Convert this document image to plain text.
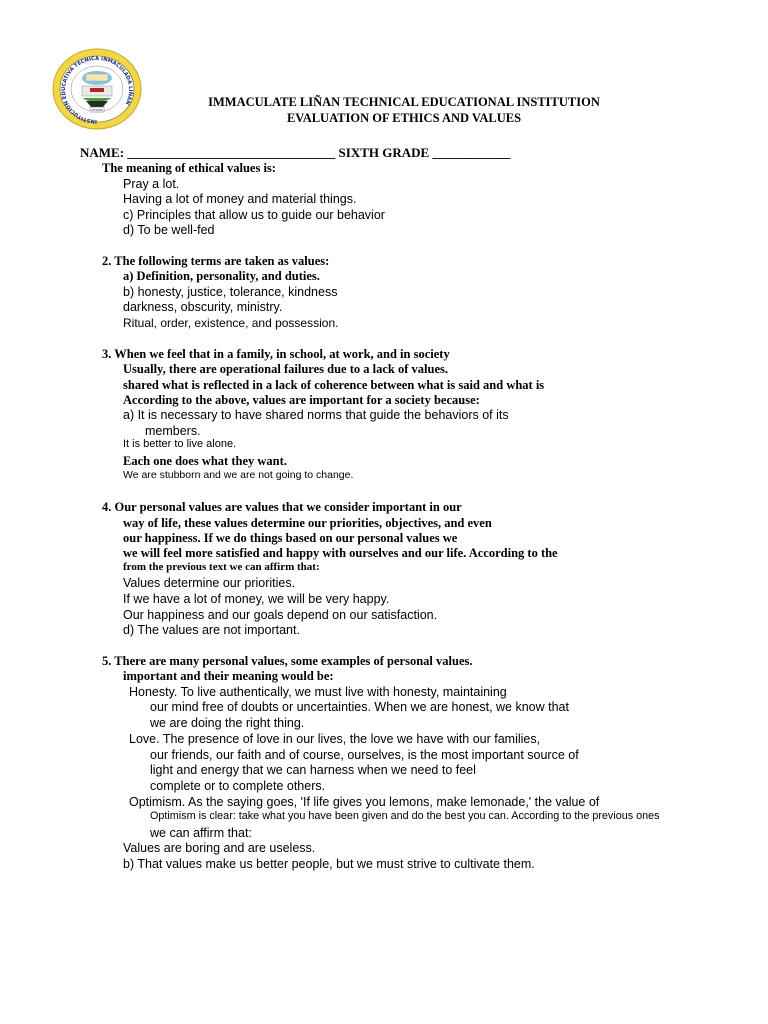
INSTITUCIÓN EDUCATIVA TÉCNICA INMACULADA LIÑAN
Lineas
IMMACULATE LIÑAN TECHNICAL EDUCATIONAL INSTITUTION
EVALUATION OF ETHICS AND VALUES
NAME: ________________________________ SIXTH GRADE ____________
The meaning of ethical values is:
Pray a lot.
Having a lot of money and material things.
c) Principles that allow us to guide our behavior
d) To be well-fed
2. The following terms are taken as values:
a) Definition, personality, and duties.
b) honesty, justice, tolerance, kindness
darkness, obscurity, ministry.
Ritual, order, existence, and possession.
3. When we feel that in a family, in school, at work, and in society
Usually, there are operational failures due to a lack of values.
shared what is reflected in a lack of coherence between what is said and what is
According to the above, values are important for a society because:
a) It is necessary to have shared norms that guide the behaviors of its
members.
It is better to live alone.
Each one does what they want.
We are stubborn and we are not going to change.
4. Our personal values are values that we consider important in our
way of life, these values determine our priorities, objectives, and even
our happiness. If we do things based on our personal values we
we will feel more satisfied and happy with ourselves and our life. According to the
from the previous text we can affirm that:
Values determine our priorities.
If we have a lot of money, we will be very happy.
Our happiness and our goals depend on our satisfaction.
d) The values are not important.
5. There are many personal values, some examples of personal values.
important and their meaning would be:
Honesty. To live authentically, we must live with honesty, maintaining
our mind free of doubts or uncertainties. When we are honest, we know that
we are doing the right thing.
Love. The presence of love in our lives, the love we have with our families,
our friends, our faith and of course, ourselves, is the most important source of
light and energy that we can harness when we need to feel
complete or to complete others.
Optimism. As the saying goes, 'If life gives you lemons, make lemonade,' the value of
Optimism is clear: take what you have been given and do the best you can. According to the previous ones
we can affirm that:
Values are boring and are useless.
b) That values make us better people, but we must strive to cultivate them.
